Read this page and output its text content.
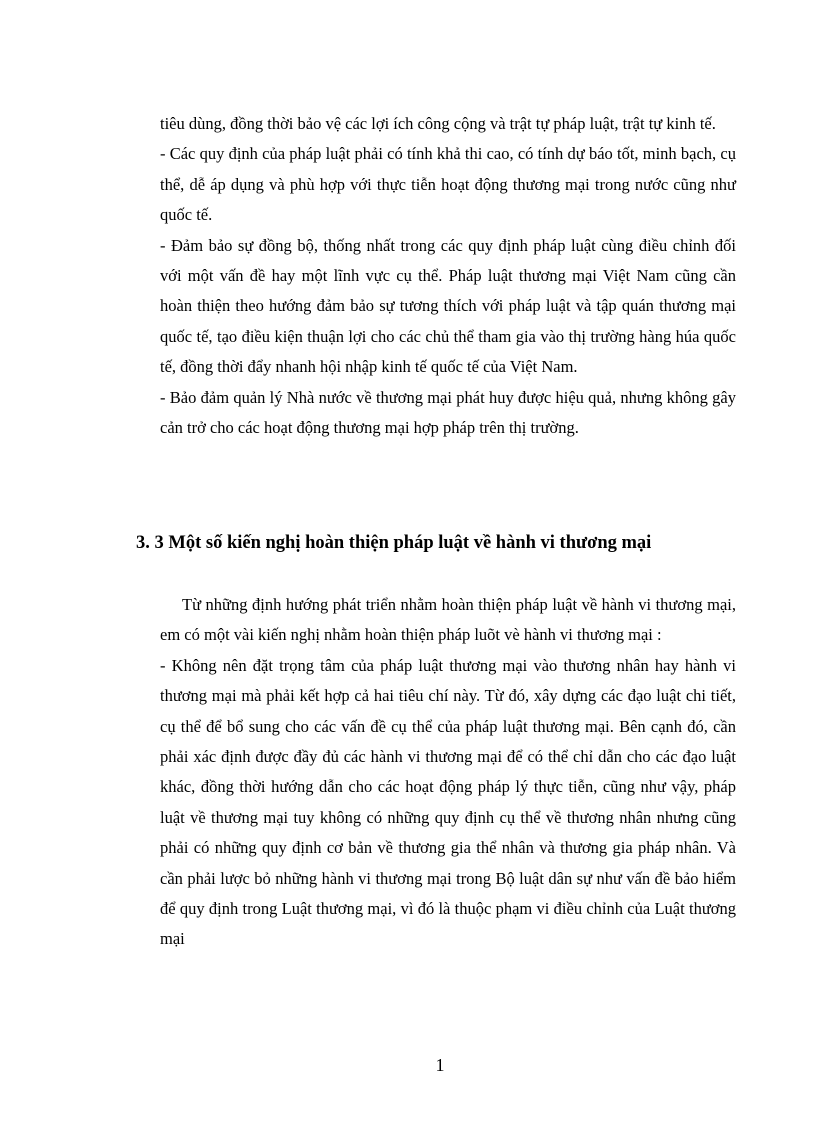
tiêu dùng, đồng thời bảo vệ các lợi ích công cộng và trật tự pháp luật, trật tự kinh tế.

- Các quy định của pháp luật phải có tính khả thi cao, có tính dự báo tốt, minh bạch, cụ thể, dễ áp dụng và phù hợp với thực tiễn hoạt động thương mại trong nước cũng như quốc tế.

- Đảm bảo sự đồng bộ, thống nhất trong các quy định pháp luật cùng điều chỉnh đối với một vấn đề hay một lĩnh vực cụ thể. Pháp luật thương mại Việt Nam cũng cần hoàn thiện theo hướng đảm bảo sự tương thích với pháp luật và tập quán thương mại quốc tế, tạo điều kiện thuận lợi cho các chủ thể tham gia vào thị trường hàng húa quốc tế, đồng thời đẩy nhanh hội nhập kinh tế quốc tế của Việt Nam.

- Bảo đảm quản lý Nhà nước về thương mại phát huy được hiệu quả, nhưng không gây cản trở cho các hoạt động thương mại hợp pháp trên thị trường.

3. 3 Một số kiến nghị hoàn thiện pháp luật về hành vi thương mại

Từ những định hướng phát triển nhằm hoàn thiện pháp luật về hành vi thương mại, em có một vài kiến nghị nhằm hoàn thiện pháp luõt vè hành vi thương mại :

- Không nên đặt trọng tâm của pháp luật thương mại vào thương nhân hay hành vi thương mại mà phải kết hợp cả hai tiêu chí này. Từ đó, xây dựng các đạo luật chi tiết, cụ thể để bổ sung cho các vấn đề cụ thể của pháp luật thương mại. Bên cạnh đó, cần phải xác định được đầy đủ các hành vi thương mại để có thể chỉ dẫn cho các đạo luật khác, đồng thời hướng dẫn cho các hoạt động pháp lý thực tiễn, cũng như vậy, pháp luật về thương mại tuy không có những quy định cụ thể về thương nhân nhưng cũng phải có những quy định cơ bản về thương gia thể nhân và thương gia pháp nhân. Và cần phải lược bỏ những hành vi thương mại trong Bộ luật dân sự như vấn đề bảo hiểm để quy định trong Luật thương mại, vì đó là thuộc phạm vi điều chỉnh của Luật thương mại

1
